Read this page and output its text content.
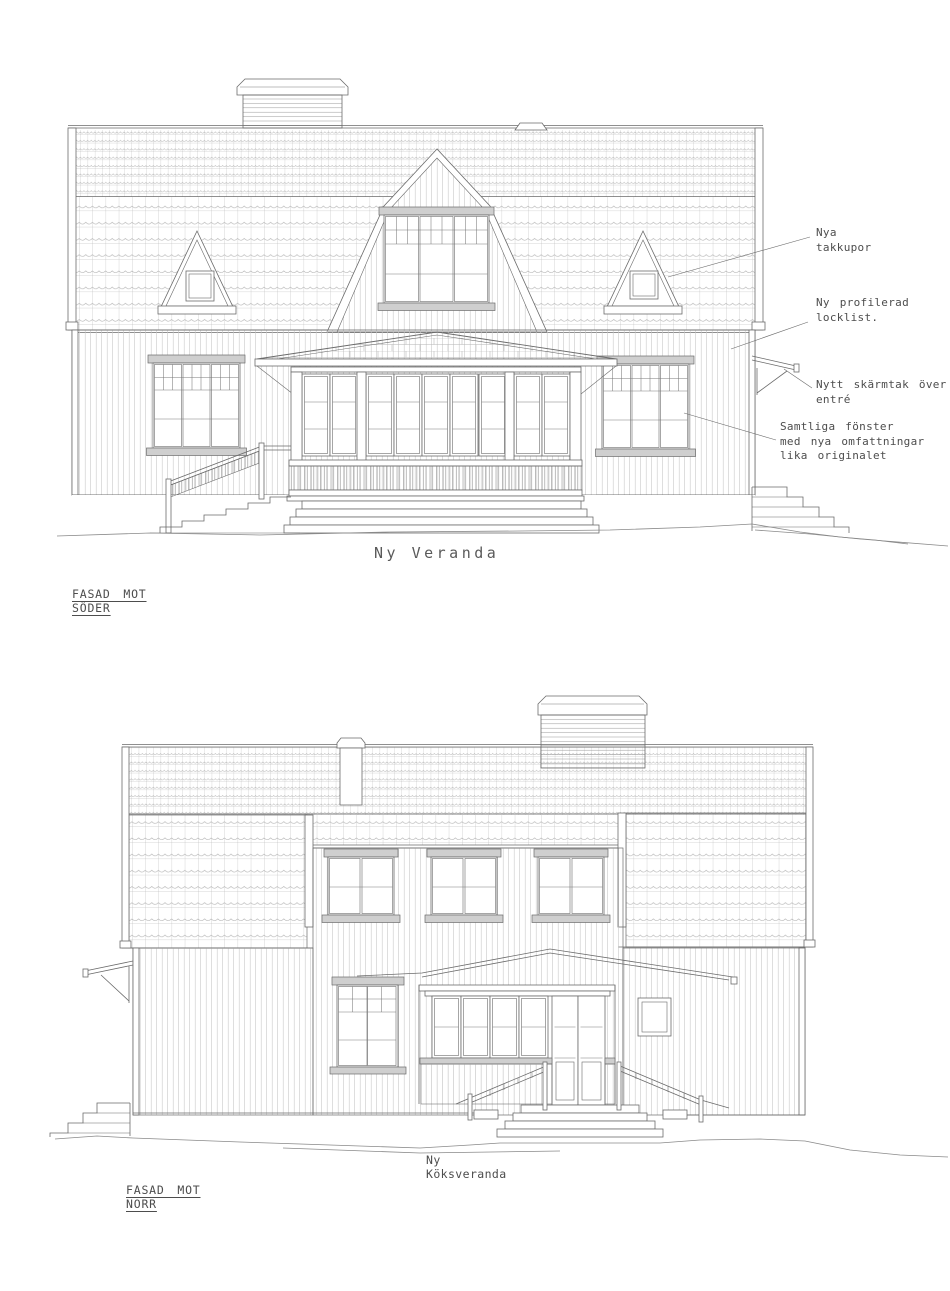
Nya
takkupor
Ny profilerad
locklist.
Nytt skärmtak över
entré
Samtliga fönster
med nya omfattningar
lika originalet
Ny Veranda
FASAD MOT
SÖDER
Ny
Köksveranda
FASAD MOT
NORR
